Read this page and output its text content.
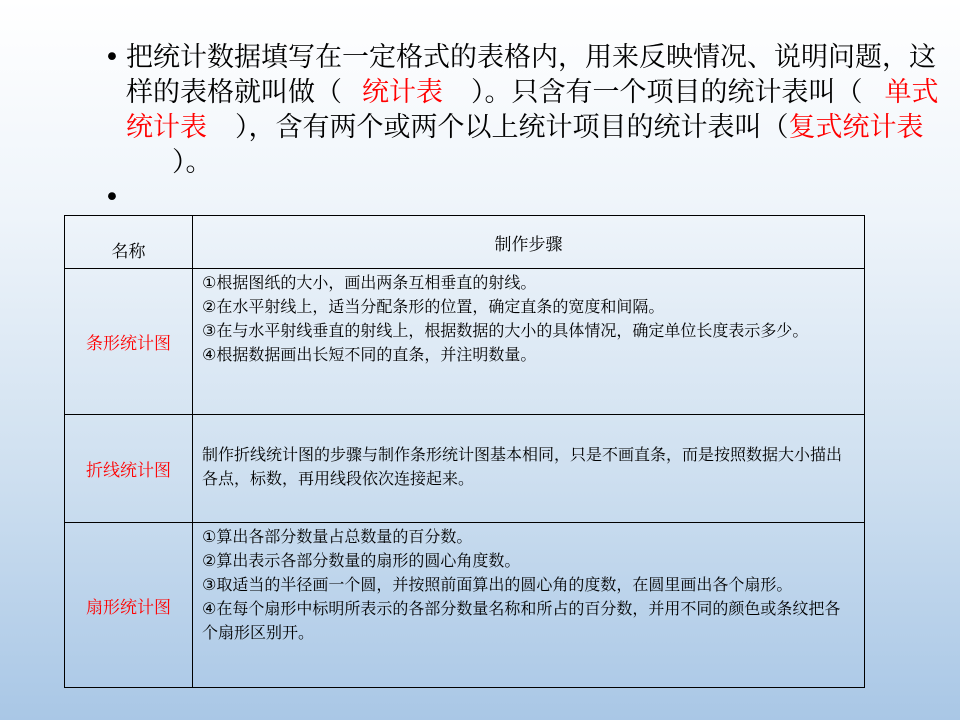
• 把统计数据填写在一定格式的表格内，用来反映情况、说明问题，这样的表格就叫做（ 统计表 ）。只含有一个项目的统计表叫（ 单式统计表 ），含有两个或两个以上统计项目的统计表叫（复式统计表）。
•
名称	制作步骤
条形统计图	①根据图纸的大小，画出两条互相垂直的射线。

②在水平射线上，适当分配条形的位置，确定直条的宽度和间隔。

③在与水平射线垂直的射线上，根据数据的大小的具体情况，确定单位长度表示多少。

④根据数据画出长短不同的直条，并注明数量。

折线统计图	制作折线统计图的步骤与制作条形统计图基本相同，只是不画直条，而是按照数据大小描出各点，标数，再用线段依次连接起来。

扇形统计图	①算出各部分数量占总数量的百分数。

②算出表示各部分数量的扇形的圆心角度数。

③取适当的半径画一个圆，并按照前面算出的圆心角的度数，在圆里画出各个扇形。

④在每个扇形中标明所表示的各部分数量名称和所占的百分数，并用不同的颜色或条纹把各个扇形区别开。
